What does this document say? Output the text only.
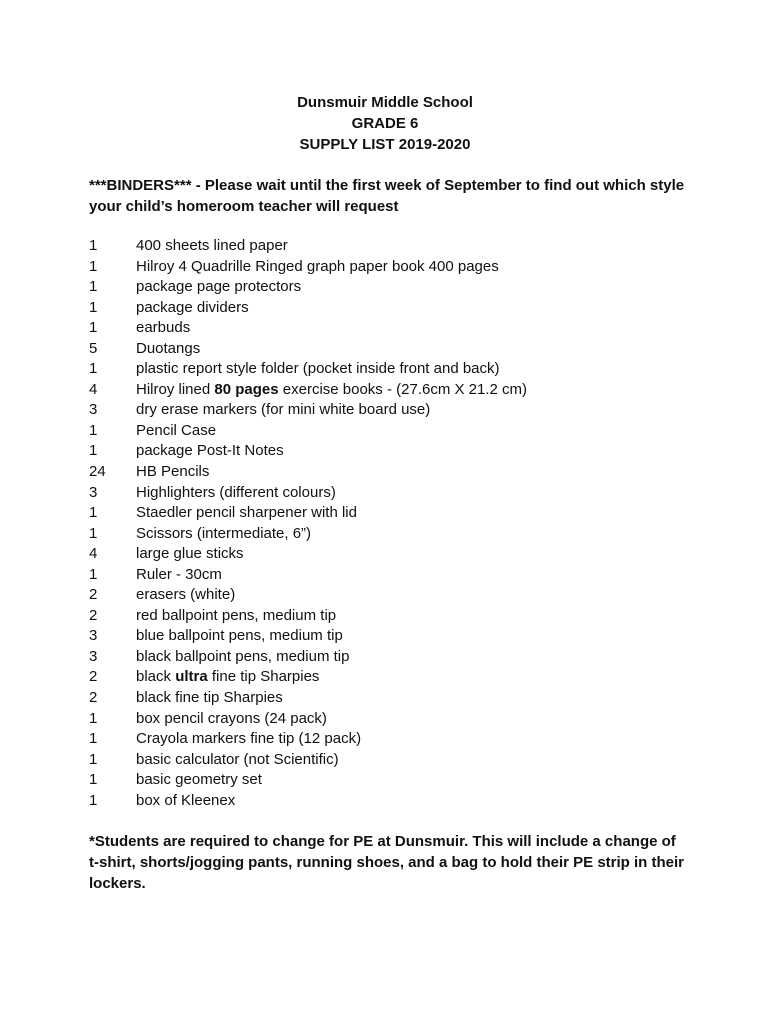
Dunsmuir Middle School
GRADE 6
SUPPLY LIST 2019-2020
***BINDERS*** - Please wait until the first week of September to find out which style your child’s homeroom teacher will request
1	400 sheets lined paper
1	Hilroy 4 Quadrille Ringed graph paper book 400 pages
1	package page protectors
1	package dividers
1	earbuds
5	Duotangs
1	plastic report style folder (pocket inside front and back)
4	Hilroy lined 80 pages exercise books - (27.6cm X 21.2 cm)
3	dry erase markers (for mini white board use)
1	Pencil Case
1	package Post-It Notes
24	HB Pencils
3	Highlighters (different colours)
1	Staedler pencil sharpener with lid
1	Scissors (intermediate, 6”)
4	large glue sticks
1	Ruler - 30cm
2	erasers (white)
2	red ballpoint pens, medium tip
3	blue ballpoint pens, medium tip
3	black ballpoint pens, medium tip
2	black ultra fine tip Sharpies
2	black fine tip Sharpies
1	box pencil crayons (24 pack)
1	Crayola markers fine tip (12 pack)
1	basic calculator (not Scientific)
1	basic geometry set
1	box of Kleenex
*Students are required to change for PE at Dunsmuir. This will include a change of t-shirt, shorts/jogging pants, running shoes, and a bag to hold their PE strip in their lockers.
